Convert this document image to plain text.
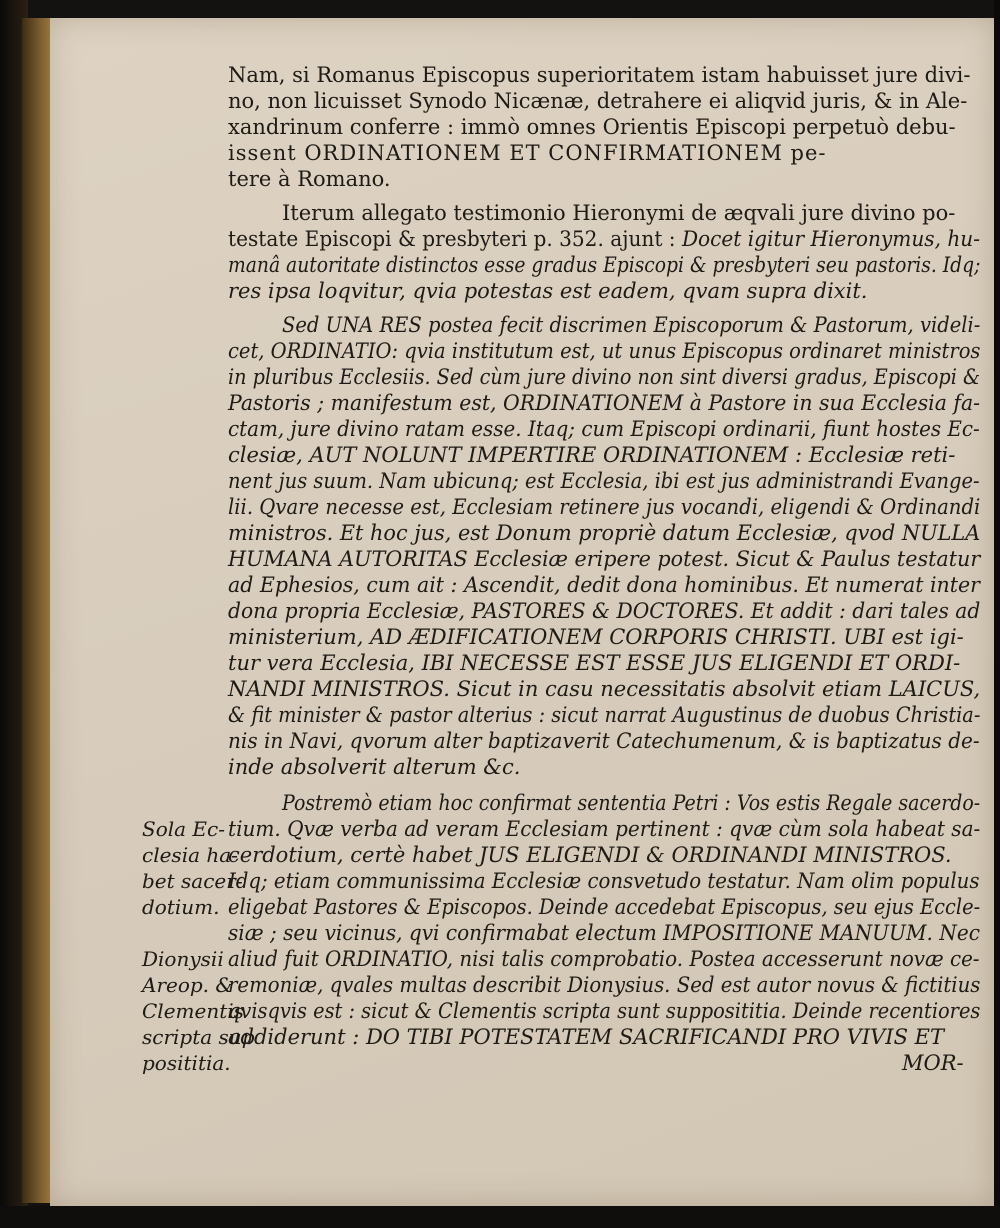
Nam, si Romanus Episcopus superioritatem istam habuisset jure divi-
no, non licuisset Synodo Nicænæ, detrahere ei aliqvid juris, & in Ale-
xandrinum conferre : immò omnes Orientis Episcopi perpetuò debu-
issent ORDINATIONEM ET CONFIRMATIONEM pe-
tere à Romano.
Iterum allegato testimonio Hieronymi de æqvali jure divino po-
testate Episcopi & presbyteri p. 352. ajunt : Docet igitur Hieronymus, hu-
manâ autoritate distinctos esse gradus Episcopi & presbyteri seu pastoris. Idq;
res ipsa loqvitur, qvia potestas est eadem, qvam supra dixit.
Sed UNA RES postea fecit discrimen Episcoporum & Pastorum, videli-
cet, ORDINATIO: qvia institutum est, ut unus Episcopus ordinaret ministros
in pluribus Ecclesiis. Sed cùm jure divino non sint diversi gradus, Episcopi &
Pastoris ; manifestum est, ORDINATIONEM à Pastore in sua Ecclesia fa-
ctam, jure divino ratam esse. Itaq; cum Episcopi ordinarii, fiunt hostes Ec-
clesiæ, AUT NOLUNT IMPERTIRE ORDINATIONEM : Ecclesiæ reti-
nent jus suum. Nam ubicunq; est Ecclesia, ibi est jus administrandi Evange-
lii. Qvare necesse est, Ecclesiam retinere jus vocandi, eligendi & Ordinandi
ministros. Et hoc jus, est Donum propriè datum Ecclesiæ, qvod NULLA
HUMANA AUTORITAS Ecclesiæ eripere potest. Sicut & Paulus testatur
ad Ephesios, cum ait : Ascendit, dedit dona hominibus. Et numerat inter
dona propria Ecclesiæ, PASTORES & DOCTORES. Et addit : dari tales ad
ministerium, AD ÆDIFICATIONEM CORPORIS CHRISTI. UBI est igi-
tur vera Ecclesia, IBI NECESSE EST ESSE JUS ELIGENDI ET ORDI-
NANDI MINISTROS. Sicut in casu necessitatis absolvit etiam LAICUS,
& fit minister & pastor alterius : sicut narrat Augustinus de duobus Christia-
nis in Navi, qvorum alter baptizaverit Catechumenum, & is baptizatus de-
inde absolverit alterum &c.
Postremò etiam hoc confirmat sententia Petri : Vos estis Regale sacerdo-
tium. Qvæ verba ad veram Ecclesiam pertinent : qvæ cùm sola habeat sa-
cerdotium, certè habet JUS ELIGENDI & ORDINANDI MINISTROS.
Idq; etiam communissima Ecclesiæ consvetudo testatur. Nam olim populus
eligebat Pastores & Episcopos. Deinde accedebat Episcopus, seu ejus Eccle-
siæ ; seu vicinus, qvi confirmabat electum IMPOSITIONE MANUUM. Nec
aliud fuit ORDINATIO, nisi talis comprobatio. Postea accesserunt novæ ce-
remoniæ, qvales multas describit Dionysius. Sed est autor novus & fictitius
qvisqvis est : sicut & Clementis scripta sunt supposititia. Deinde recentiores
addiderunt : DO TIBI POTESTATEM SACRIFICANDI PRO VIVIS ET
MOR-
Sola Ec-
clesia ha-
bet sacer-
dotium.
Dionysii
Areop. &
Clementis
scripta sup
posititia.
